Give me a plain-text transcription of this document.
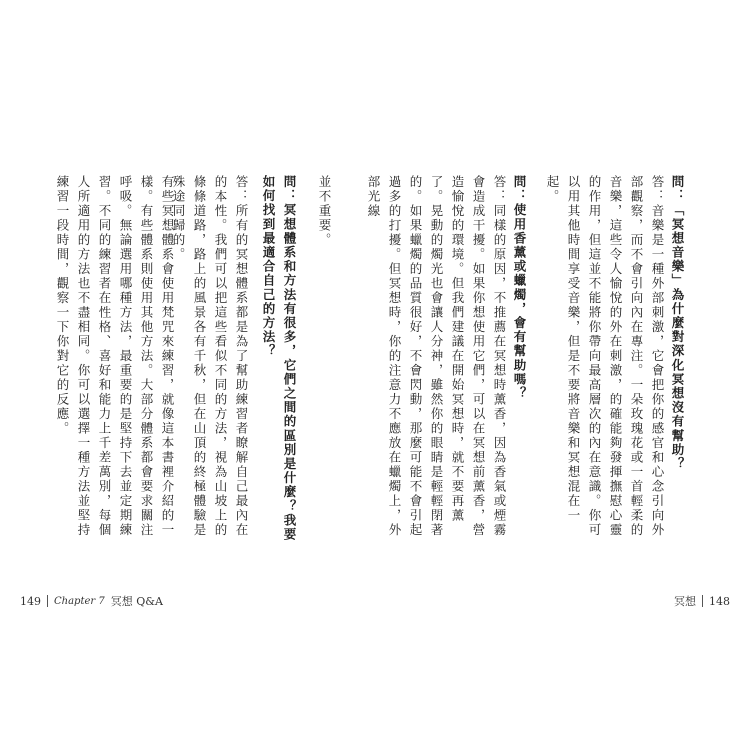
問：「冥想音樂」為什麼對深化冥想沒有幫助？
答：音樂是一種外部刺激，它會把你的感官和心念引向外部觀察，而不會引向內在專注。一朵玫瑰花或一首輕柔的音樂，這些令人愉悅的外在刺激，的確能夠發揮撫慰心靈的作用，但這並不能將你帶向最高層次的內在意識。你可以用其他時間享受音樂，但是不要將音樂和冥想混在一起。
問：使用香薰或蠟燭，會有幫助嗎？
答：同樣的原因，不推薦在冥想時薰香，因為香氣或煙霧會造成干擾。如果你想使用它們，可以在冥想前薰香，營造愉悅的環境。但我們建議在開始冥想時，就不要再薰了。晃動的燭光也會讓人分神，雖然你的眼睛是輕輕閉著的。如果蠟燭的品質很好，不會閃動，那麼可能不會引起過多的打擾。但冥想時，你的注意力不應放在蠟燭上，外部光線
並不重要。
問：冥想體系和方法有很多，它們之間的區別是什麼？我要如何找到最適合自己的方法？
答：所有的冥想體系都是為了幫助練習者瞭解自己最內在的本性。我們可以把這些看似不同的方法，視為山坡上的條條道路，路上的風景各有千秋，但在山頂的終極體驗是殊途同歸的。
有些冥想體系會使用梵咒來練習，就像這本書裡介紹的一樣。有些體系則使用其他方法。大部分體系都會要求關注呼吸。無論選用哪種方法，最重要的是堅持下去並定期練習。不同的練習者在性格、喜好和能力上千差萬別，每個人所適用的方法也不盡相同。你可以選擇一種方法並堅持練習一段時間，觀察一下你對它的反應。
149 Chapter 7 冥想 Q&A	冥想 148
